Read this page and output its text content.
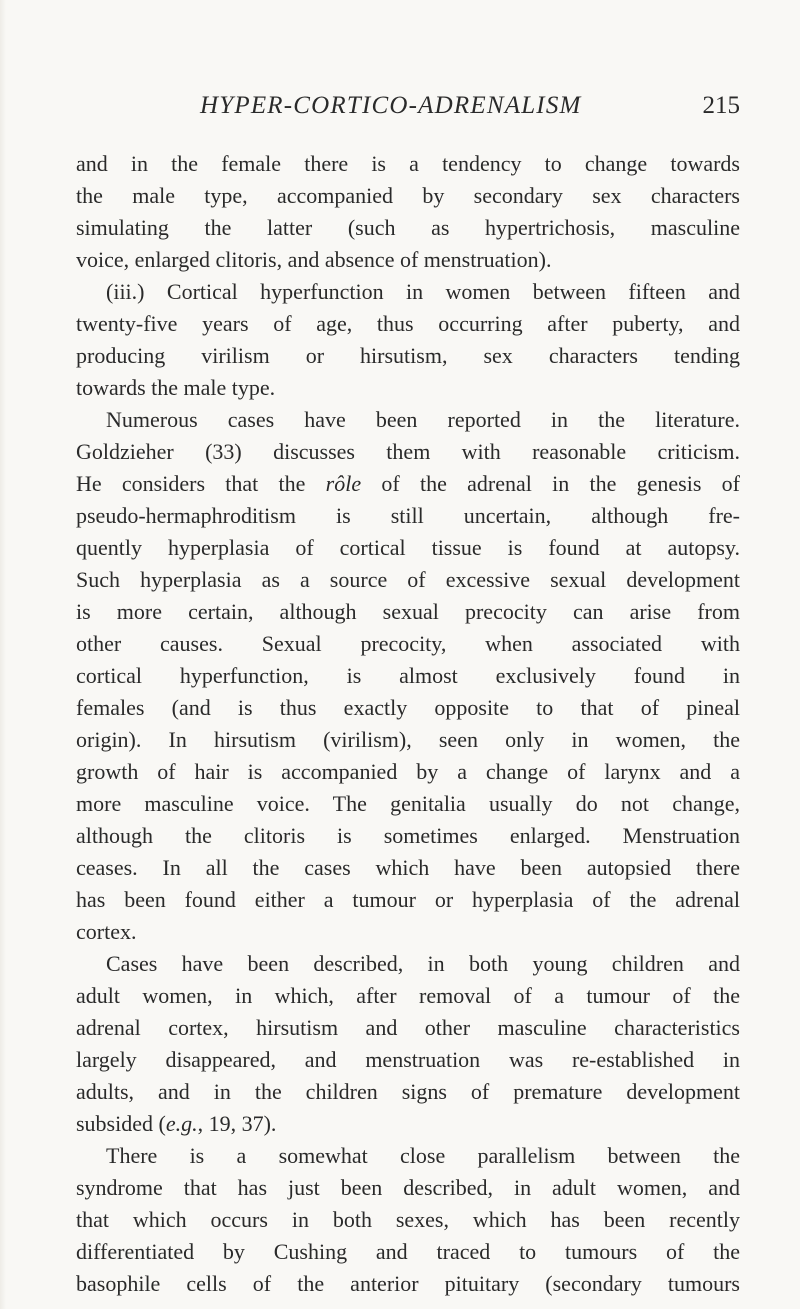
HYPER-CORTICO-ADRENALISM	215
and in the female there is a tendency to change towards
the male type, accompanied by secondary sex characters
simulating the latter (such as hypertrichosis, masculine
voice, enlarged clitoris, and absence of menstruation).
(iii.) Cortical hyperfunction in women between fifteen and
twenty-five years of age, thus occurring after puberty, and
producing virilism or hirsutism, sex characters tending
towards the male type.
Numerous cases have been reported in the literature.
Goldzieher (33) discusses them with reasonable criticism.
He considers that the rôle of the adrenal in the genesis of
pseudo-hermaphroditism is still uncertain, although fre-
quently hyperplasia of cortical tissue is found at autopsy.
Such hyperplasia as a source of excessive sexual development
is more certain, although sexual precocity can arise from
other causes. Sexual precocity, when associated with
cortical hyperfunction, is almost exclusively found in
females (and is thus exactly opposite to that of pineal
origin). In hirsutism (virilism), seen only in women, the
growth of hair is accompanied by a change of larynx and a
more masculine voice. The genitalia usually do not change,
although the clitoris is sometimes enlarged. Menstruation
ceases. In all the cases which have been autopsied there
has been found either a tumour or hyperplasia of the adrenal
cortex.
Cases have been described, in both young children and
adult women, in which, after removal of a tumour of the
adrenal cortex, hirsutism and other masculine characteristics
largely disappeared, and menstruation was re-established in
adults, and in the children signs of premature development
subsided (e.g., 19, 37).
There is a somewhat close parallelism between the
syndrome that has just been described, in adult women, and
that which occurs in both sexes, which has been recently
differentiated by Cushing and traced to tumours of the
basophile cells of the anterior pituitary (secondary tumours
